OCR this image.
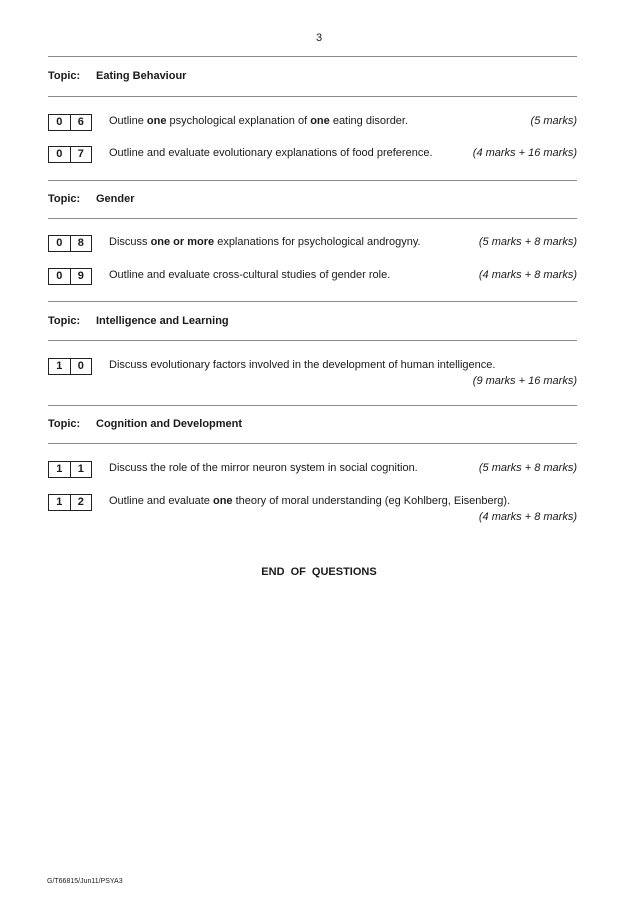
3
Topic: Eating Behaviour
0	6	Outline one psychological explanation of one eating disorder.	(5 marks)
0	7	Outline and evaluate evolutionary explanations of food preference.	(4 marks + 16 marks)
Topic: Gender
0	8	Discuss one or more explanations for psychological androgyny.	(5 marks + 8 marks)
0	9	Outline and evaluate cross-cultural studies of gender role.	(4 marks + 8 marks)
Topic: Intelligence and Learning
1	0	Discuss evolutionary factors involved in the development of human intelligence.
(9 marks + 16 marks)
Topic: Cognition and Development
1	1	Discuss the role of the mirror neuron system in social cognition.	(5 marks + 8 marks)
1	2	Outline and evaluate one theory of moral understanding (eg Kohlberg, Eisenberg).
(4 marks + 8 marks)
END OF QUESTIONS
G/T66815/Jun11/PSYA3
